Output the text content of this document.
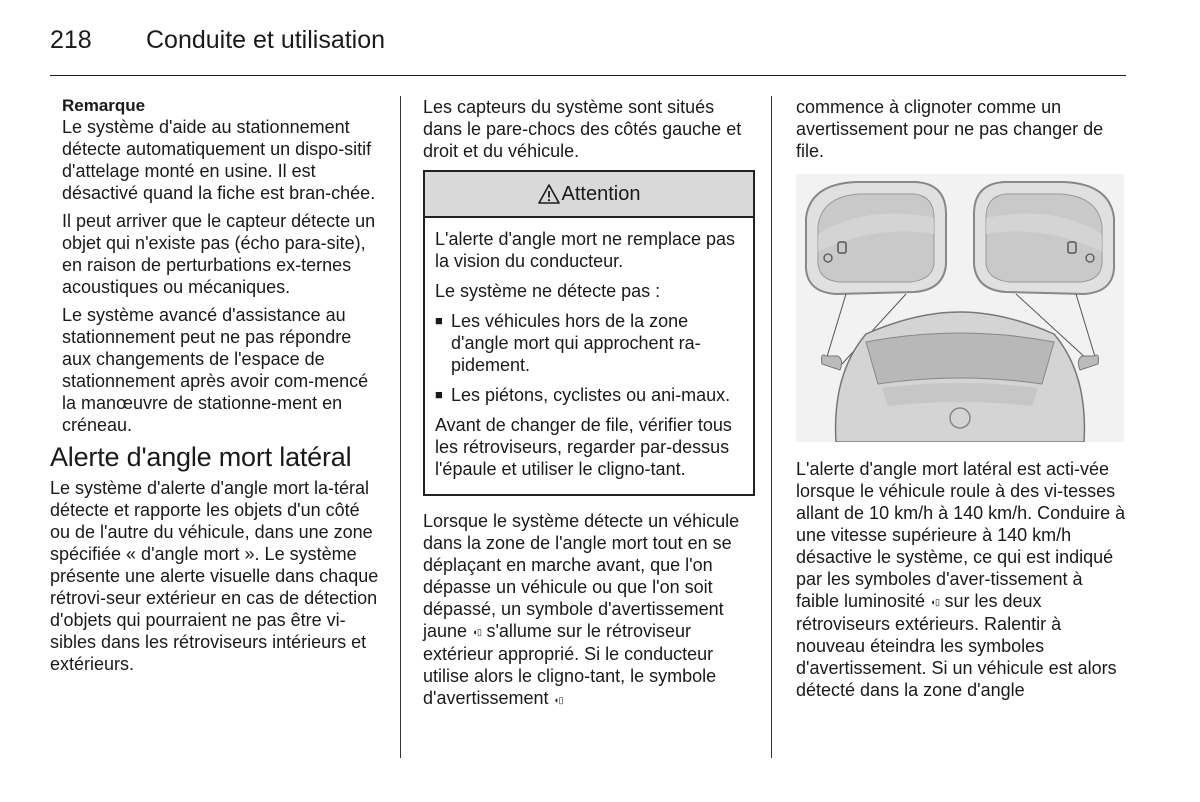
218	Conduite et utilisation
Remarque

Le système d'aide au stationnement détecte automatiquement un dispo-sitif d'attelage monté en usine. Il est désactivé quand la fiche est bran-chée.

Il peut arriver que le capteur détecte un objet qui n'existe pas (écho para-site), en raison de perturbations ex-ternes acoustiques ou mécaniques.

Le système avancé d'assistance au stationnement peut ne pas répondre aux changements de l'espace de stationnement après avoir com-mencé la manœuvre de stationne-ment en créneau.

Alerte d'angle mort latéral

Le système d'alerte d'angle mort la-téral détecte et rapporte les objets d'un côté ou de l'autre du véhicule, dans une zone spécifiée « d'angle mort ». Le système présente une alerte visuelle dans chaque rétrovi-seur extérieur en cas de détection d'objets qui pourraient ne pas être vi-sibles dans les rétroviseurs intérieurs et extérieurs.

Les capteurs du système sont situés dans le pare-chocs des côtés gauche et droit et du véhicule.

Attention

L'alerte d'angle mort ne remplace pas la vision du conducteur.

Le système ne détecte pas :

■ Les véhicules hors de la zone d'angle mort qui approchent ra-pidement.
■ Les piétons, cyclistes ou ani-maux.

Avant de changer de file, vérifier tous les rétroviseurs, regarder par-dessus l'épaule et utiliser le cligno-tant.

Lorsque le système détecte un véhicule dans la zone de l'angle mort tout en se déplaçant en marche avant, que l'on dépasse un véhicule ou que l'on soit dépassé, un symbole d'avertissement jaune ◖▯ s'allume sur le rétroviseur extérieur approprié. Si le conducteur utilise alors le cligno-tant, le symbole d'avertissement ◖▯

commence à clignoter comme un avertissement pour ne pas changer de file.

L'alerte d'angle mort latéral est acti-vée lorsque le véhicule roule à des vi-tesses allant de 10 km/h à 140 km/h. Conduire à une vitesse supérieure à 140 km/h désactive le système, ce qui est indiqué par les symboles d'aver-tissement à faible luminosité ◖▯ sur les deux rétroviseurs extérieurs. Ralentir à nouveau éteindra les symboles d'avertissement. Si un véhicule est alors détecté dans la zone d'angle
